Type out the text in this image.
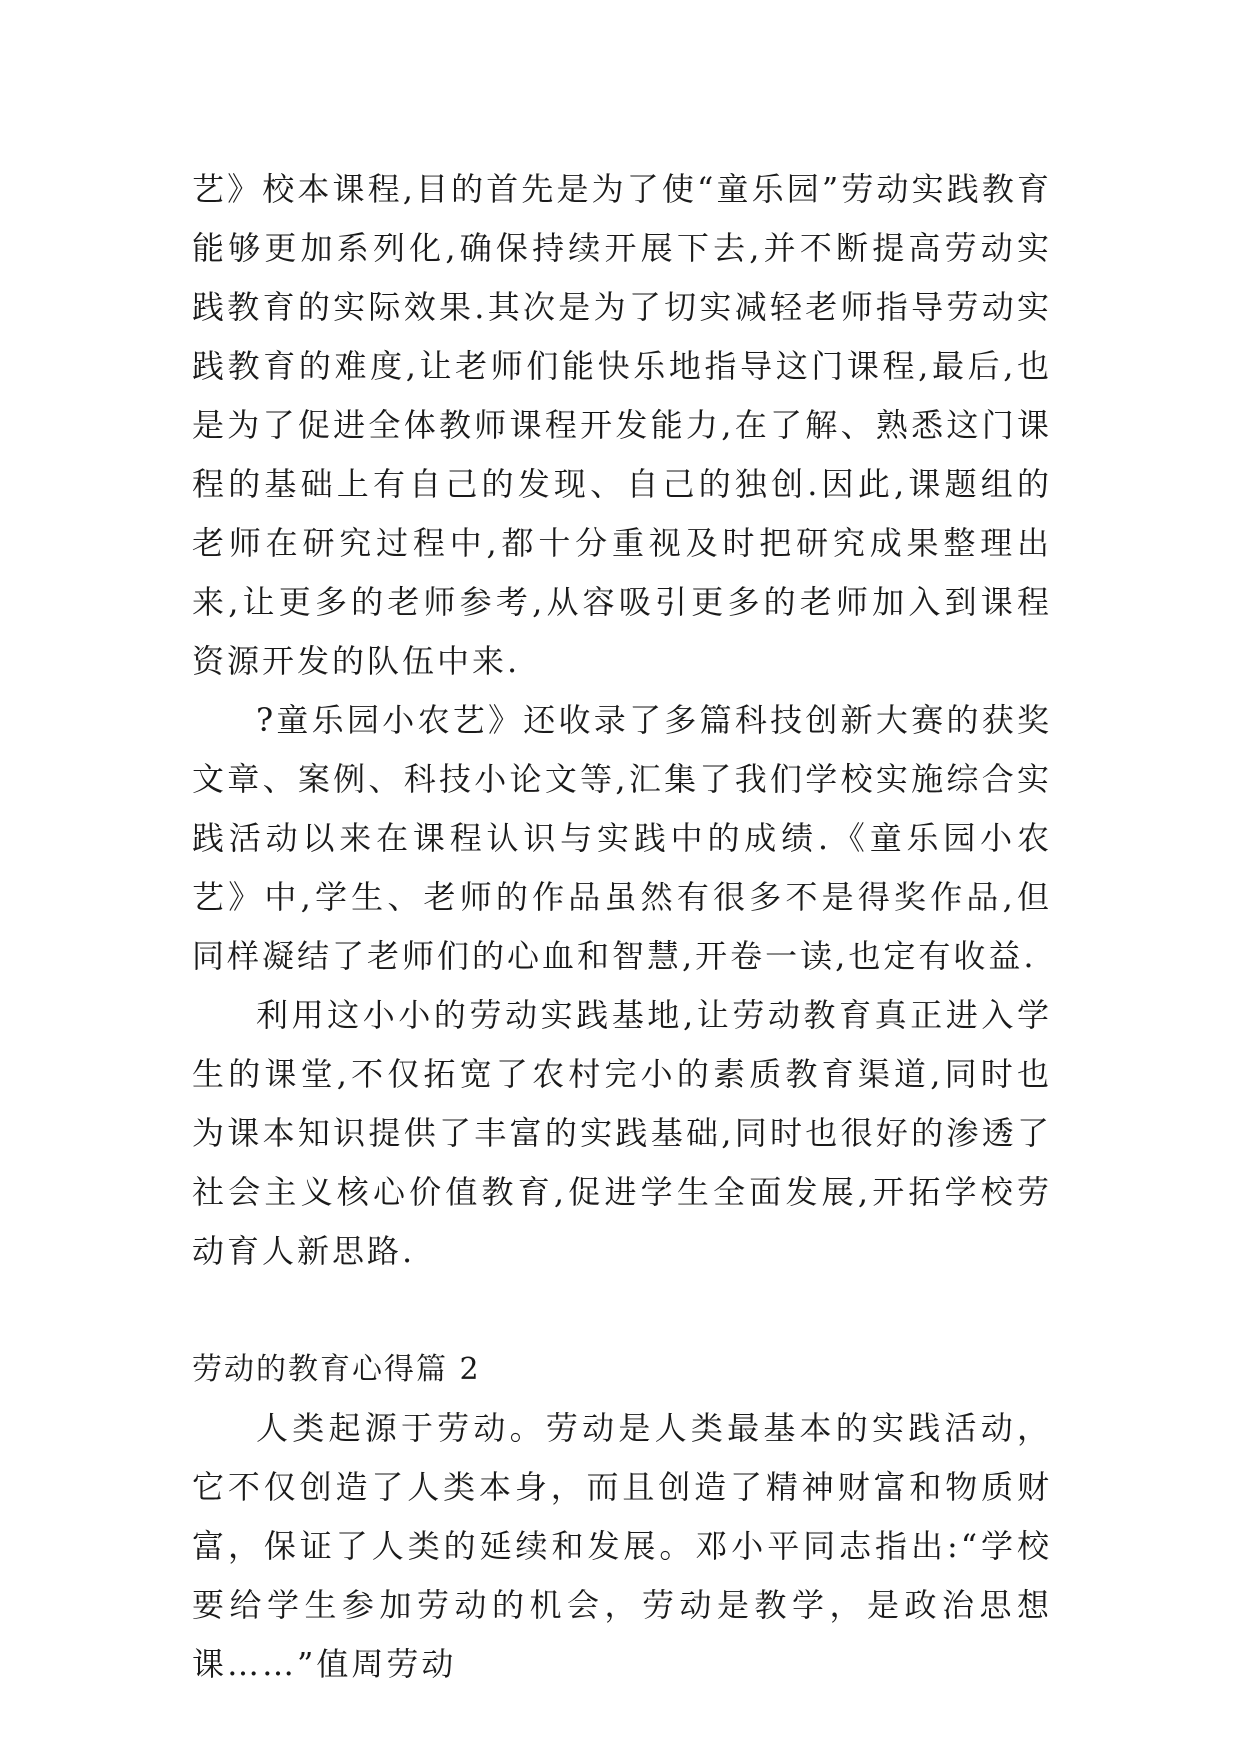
艺》校本课程,目的首先是为了使“童乐园”劳动实践教育能够更加系列化,确保持续开展下去,并不断提高劳动实践教育的实际效果.其次是为了切实减轻老师指导劳动实践教育的难度,让老师们能快乐地指导这门课程,最后,也是为了促进全体教师课程开发能力,在了解、熟悉这门课程的基础上有自己的发现、自己的独创.因此,课题组的老师在研究过程中,都十分重视及时把研究成果整理出来,让更多的老师参考,从容吸引更多的老师加入到课程资源开发的队伍中来.

?童乐园小农艺》还收录了多篇科技创新大赛的获奖文章、案例、科技小论文等,汇集了我们学校实施综合实践活动以来在课程认识与实践中的成绩.《童乐园小农艺》中,学生、老师的作品虽然有很多不是得奖作品,但同样凝结了老师们的心血和智慧,开卷一读,也定有收益.

利用这小小的劳动实践基地,让劳动教育真正进入学生的课堂,不仅拓宽了农村完小的素质教育渠道,同时也为课本知识提供了丰富的实践基础,同时也很好的渗透了社会主义核心价值教育,促进学生全面发展,开拓学校劳动育人新思路.

劳动的教育心得篇 2

人类起源于劳动。劳动是人类最基本的实践活动，它不仅创造了人类本身，而且创造了精神财富和物质财富，保证了人类的延续和发展。邓小平同志指出:“学校要给学生参加劳动的机会，劳动是教学，是政治思想课……”值周劳动
